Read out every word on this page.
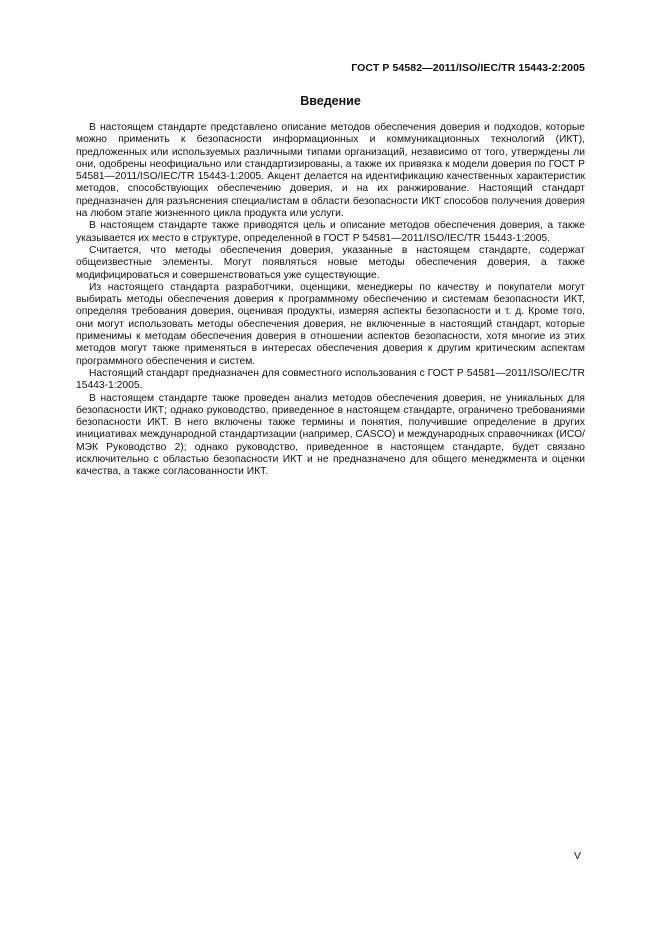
ГОСТ Р 54582—2011/ISO/IEC/TR 15443-2:2005
Введение

В настоящем стандарте представлено описание методов обеспечения доверия и подходов, которые можно применить к безопасности информационных и коммуникационных технологий (ИКТ), предложенных или используемых различными типами организаций, независимо от того, утверждены ли они, одобрены неофициально или стандартизированы, а также их привязка к модели доверия по ГОСТ Р 54581—2011/ISO/IEC/TR 15443-1:2005. Акцент делается на идентификацию качественных характеристик методов, способствующих обеспечению доверия, и на их ранжирование. Настоящий стандарт предназначен для разъяснения специалистам в области безопасности ИКТ способов получения доверия на любом этапе жизненного цикла продукта или услуги.

В настоящем стандарте также приводятся цель и описание методов обеспечения доверия, а также указывается их место в структуре, определенной в ГОСТ Р 54581—2011/ISO/IEC/TR 15443-1:2005.

Считается, что методы обеспечения доверия, указанные в настоящем стандарте, содержат общеизвестные элементы. Могут появляться новые методы обеспечения доверия, а также модифицироваться и совершенствоваться уже существующие.

Из настоящего стандарта разработчики, оценщики, менеджеры по качеству и покупатели могут выбирать методы обеспечения доверия к программному обеспечению и системам безопасности ИКТ, определяя требования доверия, оценивая продукты, измеряя аспекты безопасности и т. д. Кроме того, они могут использовать методы обеспечения доверия, не включенные в настоящий стандарт, которые применимы к методам обеспечения доверия в отношении аспектов безопасности, хотя многие из этих методов могут также применяться в интересах обеспечения доверия к другим критическим аспектам программного обеспечения и систем.

Настоящий стандарт предназначен для совместного использования с ГОСТ Р 54581—2011/ISO/IEC/TR 15443-1:2005.

В настоящем стандарте также проведен анализ методов обеспечения доверия, не уникальных для безопасности ИКТ; однако руководство, приведенное в настоящем стандарте, ограничено требованиями безопасности ИКТ. В него включены также термины и понятия, получившие определение в других инициативах международной стандартизации (например, CASCO) и международных справочниках (ИСО/МЭК Руководство 2); однако руководство, приведенное в настоящем стандарте, будет связано исключительно с областью безопасности ИКТ и не предназначено для общего менеджмента и оценки качества, а также согласованности ИКТ.

V
